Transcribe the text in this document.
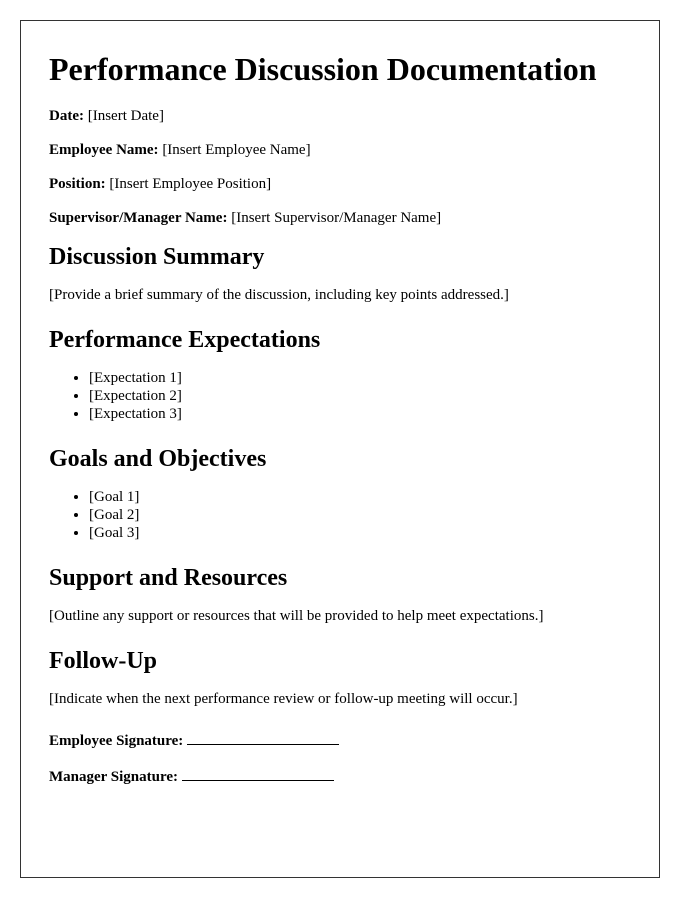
Performance Discussion Documentation

Date: [Insert Date]

Employee Name: [Insert Employee Name]

Position: [Insert Employee Position]

Supervisor/Manager Name: [Insert Supervisor/Manager Name]

Discussion Summary

[Provide a brief summary of the discussion, including key points addressed.]

Performance Expectations
• [Expectation 1]
• [Expectation 2]
• [Expectation 3]
Goals and Objectives
• [Goal 1]
• [Goal 2]
• [Goal 3]
Support and Resources

[Outline any support or resources that will be provided to help meet expectations.]

Follow-Up

[Indicate when the next performance review or follow-up meeting will occur.]

Employee Signature:

Manager Signature:
